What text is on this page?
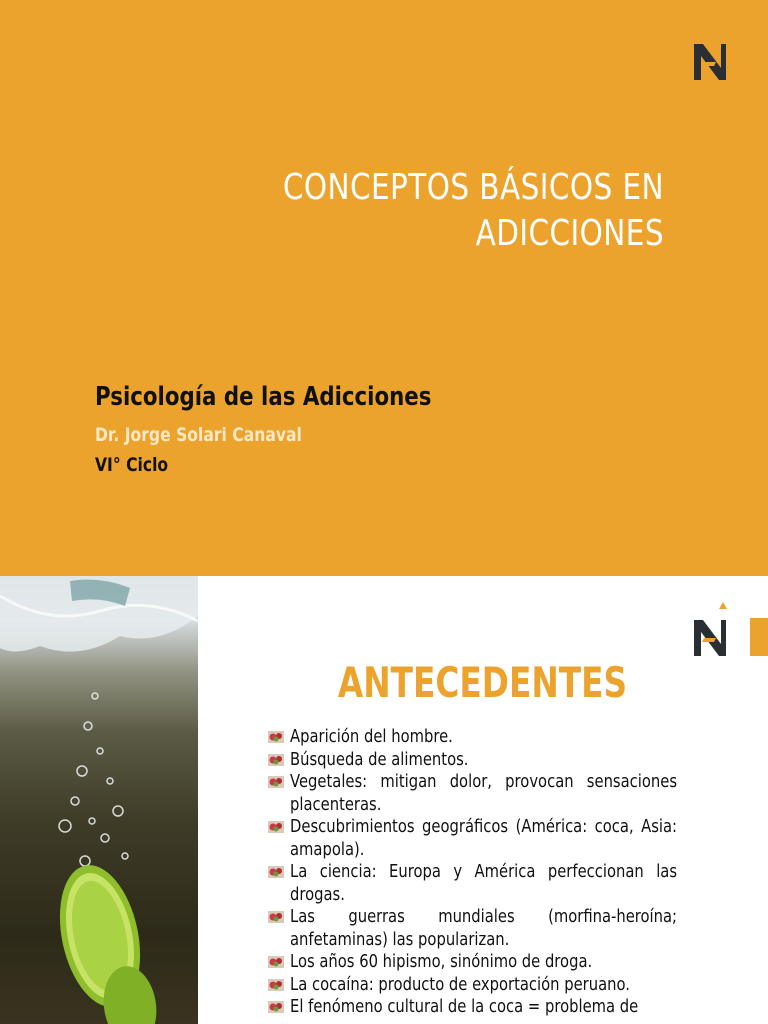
CONCEPTOS BÁSICOS EN
ADICCIONES
Psicología de las Adicciones
Dr. Jorge Solari Canaval
VI° Ciclo
ANTECEDENTES
Aparición del hombre.
Búsqueda de alimentos.
Vegetales: mitigan dolor, provocan sensaciones placenteras.
Descubrimientos geográficos (América: coca, Asia: amapola).
La ciencia: Europa y América perfeccionan las drogas.
Las guerras mundiales (morfina-heroína; anfetaminas) las popularizan.
Los años 60 hipismo, sinónimo de droga.
La cocaína: producto de exportación peruano.
El fenómeno cultural de la coca = problema de
